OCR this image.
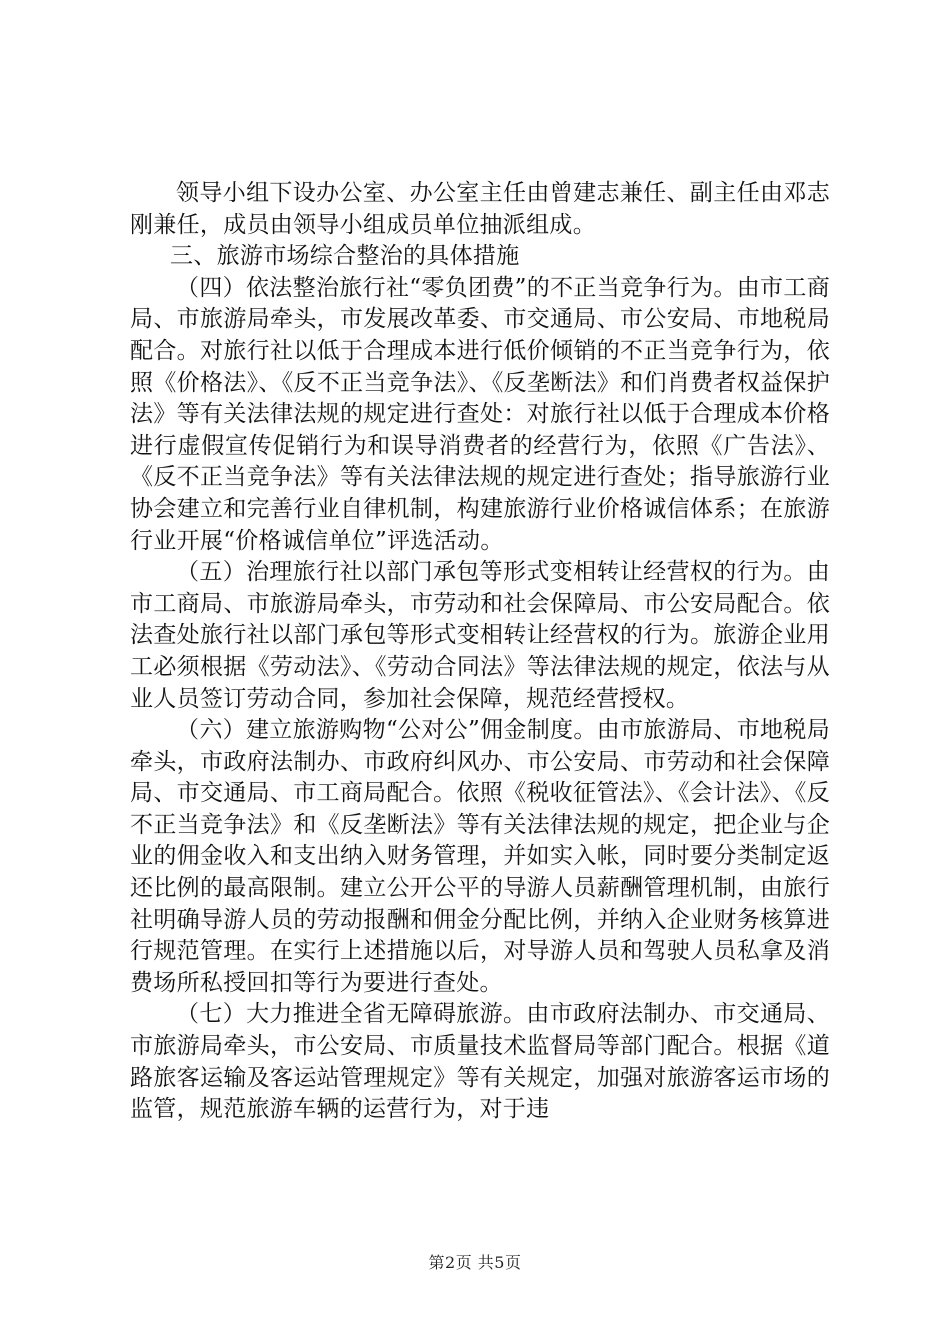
领导小组下设办公室、办公室主任由曾建志兼任、副主任由邓志刚兼任，成员由领导小组成员单位抽派组成。

三、旅游市场综合整治的具体措施

（四）依法整治旅行社“零负团费”的不正当竞争行为。由市工商局、市旅游局牵头，市发展改革委、市交通局、市公安局、市地税局配合。对旅行社以低于合理成本进行低价倾销的不正当竞争行为，依照《价格法》、《反不正当竞争法》、《反垄断法》和们肖费者权益保护法》等有关法律法规的规定进行查处：对旅行社以低于合理成本价格进行虚假宣传促销行为和误导消费者的经营行为，依照《广告法》、《反不正当竞争法》等有关法律法规的规定进行查处；指导旅游行业协会建立和完善行业自律机制，构建旅游行业价格诚信体系；在旅游行业开展“价格诚信单位”评选活动。

（五）治理旅行社以部门承包等形式变相转让经营权的行为。由市工商局、市旅游局牵头，市劳动和社会保障局、市公安局配合。依法查处旅行社以部门承包等形式变相转让经营权的行为。旅游企业用工必须根据《劳动法》、《劳动合同法》等法律法规的规定，依法与从业人员签订劳动合同，参加社会保障，规范经营授权。

（六）建立旅游购物“公对公”佣金制度。由市旅游局、市地税局牵头，市政府法制办、市政府纠风办、市公安局、市劳动和社会保障局、市交通局、市工商局配合。依照《税收征管法》、《会计法》、《反不正当竞争法》和《反垄断法》等有关法律法规的规定，把企业与企业的佣金收入和支出纳入财务管理，并如实入帐，同时要分类制定返还比例的最高限制。建立公开公平的导游人员薪酬管理机制，由旅行社明确导游人员的劳动报酬和佣金分配比例，并纳入企业财务核算进行规范管理。在实行上述措施以后，对导游人员和驾驶人员私拿及消费场所私授回扣等行为要进行查处。

（七）大力推进全省无障碍旅游。由市政府法制办、市交通局、市旅游局牵头，市公安局、市质量技术监督局等部门配合。根据《道路旅客运输及客运站管理规定》等有关规定，加强对旅游客运市场的监管，规范旅游车辆的运营行为，对于违

第2页 共5页
